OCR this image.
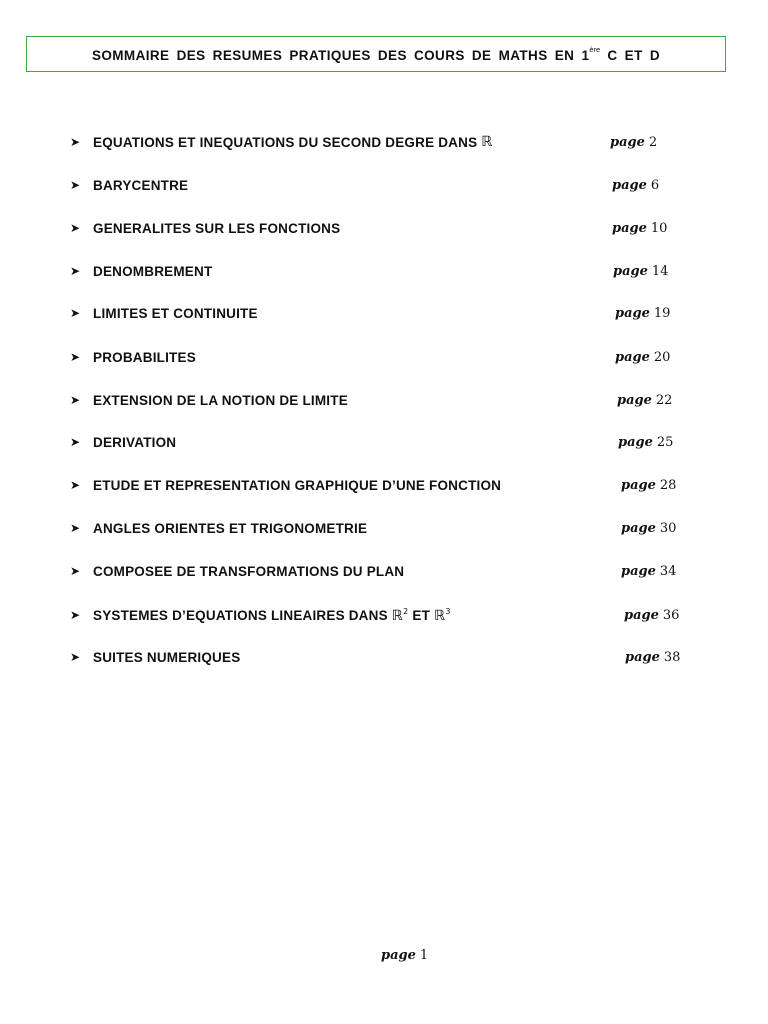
SOMMAIRE DES RESUMES PRATIQUES DES COURS DE MATHS EN 1ère C ET D
➤ EQUATIONS ET INEQUATIONS DU SECOND DEGRE DANS ℝ	page 2
➤ BARYCENTRE	page 6
➤ GENERALITES SUR LES FONCTIONS	page 10
➤ DENOMBREMENT	page 14
➤ LIMITES ET CONTINUITE	page 19
➤ PROBABILITES	page 20
➤ EXTENSION DE LA NOTION DE LIMITE	page 22
➤ DERIVATION	page 25
➤ ETUDE ET REPRESENTATION GRAPHIQUE D’UNE FONCTION	page 28
➤ ANGLES ORIENTES ET TRIGONOMETRIE	page 30
➤ COMPOSEE DE TRANSFORMATIONS DU PLAN	page 34
➤ SYSTEMES D’EQUATIONS LINEAIRES DANS ℝ$^2$ ET ℝ$^3$	page 36
➤ SUITES NUMERIQUES	page 38
page 1
